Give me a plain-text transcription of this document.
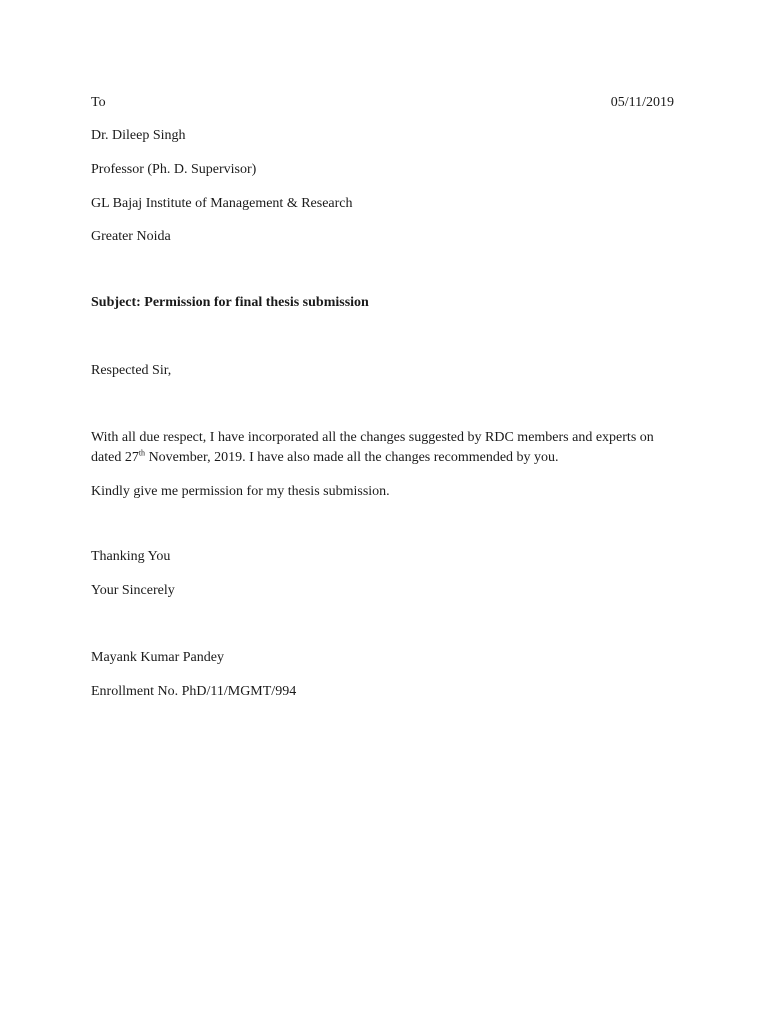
To	05/11/2019
Dr. Dileep Singh
Professor (Ph. D. Supervisor)
GL Bajaj Institute of Management & Research
Greater Noida
Subject: Permission for final thesis submission
Respected Sir,
With all due respect, I have incorporated all the changes suggested by RDC members and experts on dated 27th November, 2019. I have also made all the changes recommended by you.
Kindly give me permission for my thesis submission.
Thanking You
Your Sincerely
Mayank Kumar Pandey
Enrollment No. PhD/11/MGMT/994
